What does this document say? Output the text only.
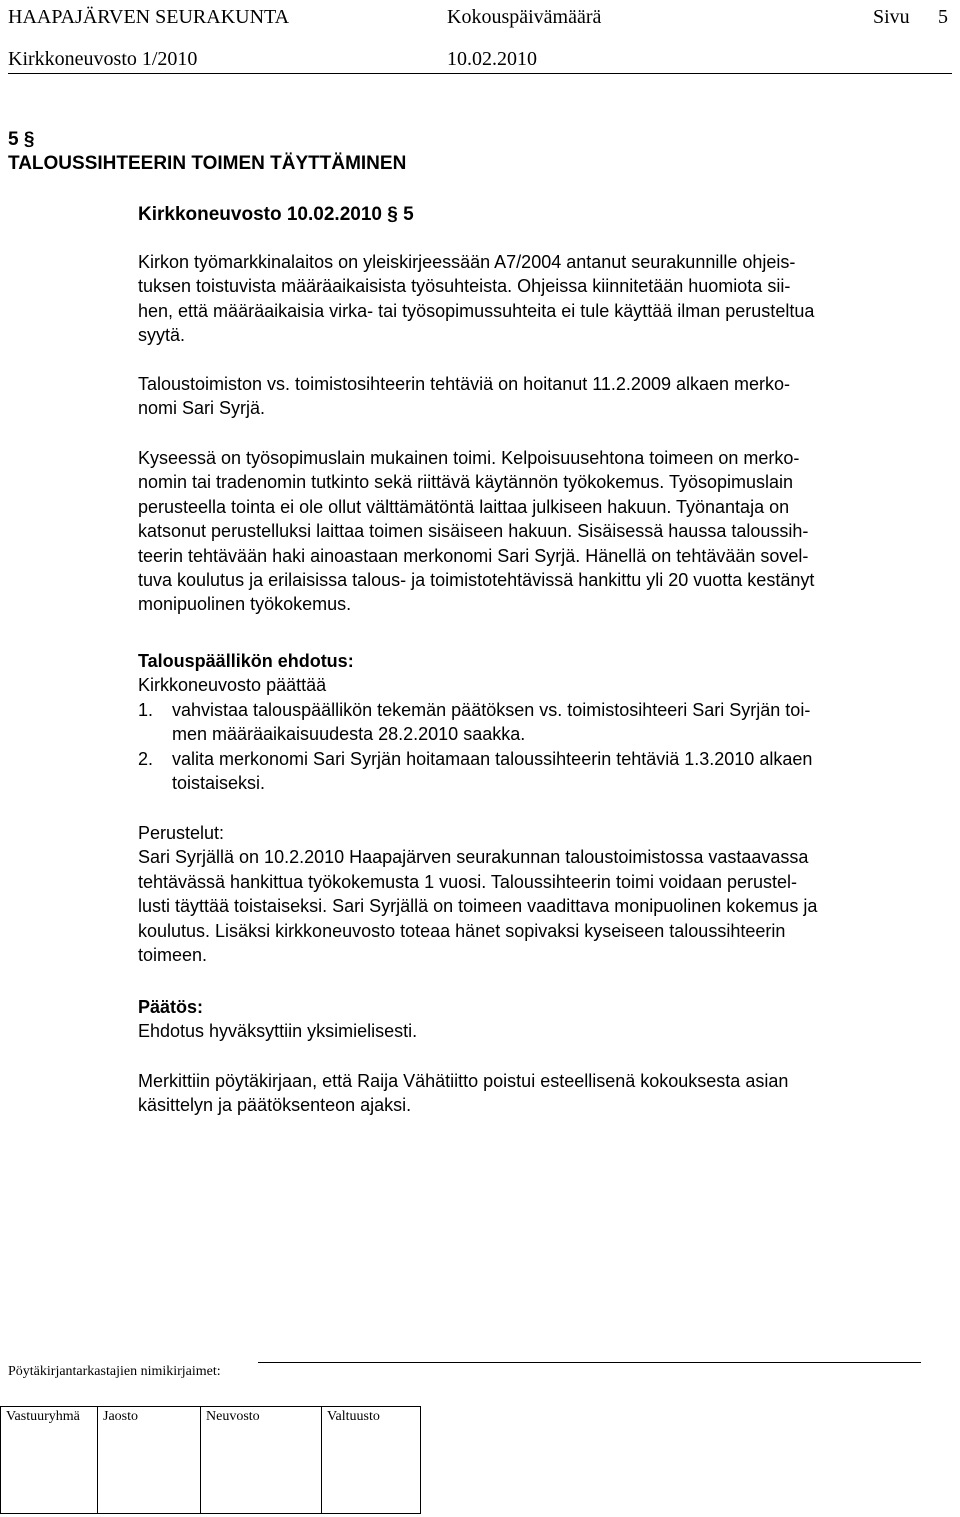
HAAPAJÄRVEN SEURAKUNTA	Kokouspäivämäärä	Sivu 5
Kirkkoneuvosto 1/2010	10.02.2010
5 §
TALOUSSIHTEERIN TOIMEN TÄYTTÄMINEN
Kirkkoneuvosto 10.02.2010 § 5

Kirkon työmarkkinalaitos on yleiskirjeessään A7/2004 antanut seurakunnille ohjeis-

tuksen toistuvista määräaikaisista työsuhteista. Ohjeissa kiinnitetään huomiota sii-

hen, että määräaikaisia virka- tai työsopimussuhteita ei tule käyttää ilman perusteltua

syytä.

Taloustoimiston vs. toimistosihteerin tehtäviä on hoitanut 11.2.2009 alkaen merko-

nomi Sari Syrjä.

Kyseessä on työsopimuslain mukainen toimi. Kelpoisuusehtona toimeen on merko-

nomin tai tradenomin tutkinto sekä riittävä käytännön työkokemus. Työsopimuslain

perusteella tointa ei ole ollut välttämätöntä laittaa julkiseen hakuun. Työnantaja on

katsonut perustelluksi laittaa toimen sisäiseen hakuun. Sisäisessä haussa taloussih-

teerin tehtävään haki ainoastaan merkonomi Sari Syrjä. Hänellä on tehtävään sovel-

tuva koulutus ja erilaisissa talous- ja toimistotehtävissä hankittu yli 20 vuotta kestänyt

monipuolinen työkokemus.

Talouspäällikön ehdotus:

Kirkkoneuvosto päättää

1. vahvistaa talouspäällikön tekemän päätöksen vs. toimistosihteeri Sari Syrjän toi-

men määräaikaisuudesta 28.2.2010 saakka.

2. valita merkonomi Sari Syrjän hoitamaan taloussihteerin tehtäviä 1.3.2010 alkaen

toistaiseksi.

Perustelut:

Sari Syrjällä on 10.2.2010 Haapajärven seurakunnan taloustoimistossa vastaavassa

tehtävässä hankittua työkokemusta 1 vuosi. Taloussihteerin toimi voidaan perustel-

lusti täyttää toistaiseksi. Sari Syrjällä on toimeen vaadittava monipuolinen kokemus ja

koulutus. Lisäksi kirkkoneuvosto toteaa hänet sopivaksi kyseiseen taloussihteerin

toimeen.

Päätös:

Ehdotus hyväksyttiin yksimielisesti.

Merkittiin pöytäkirjaan, että Raija Vähätiitto poistui esteellisenä kokouksesta asian

käsittelyn ja päätöksenteon ajaksi.

Pöytäkirjantarkastajien nimikirjaimet:
Vastuuryhmä	Jaosto	Neuvosto	Valtuusto
